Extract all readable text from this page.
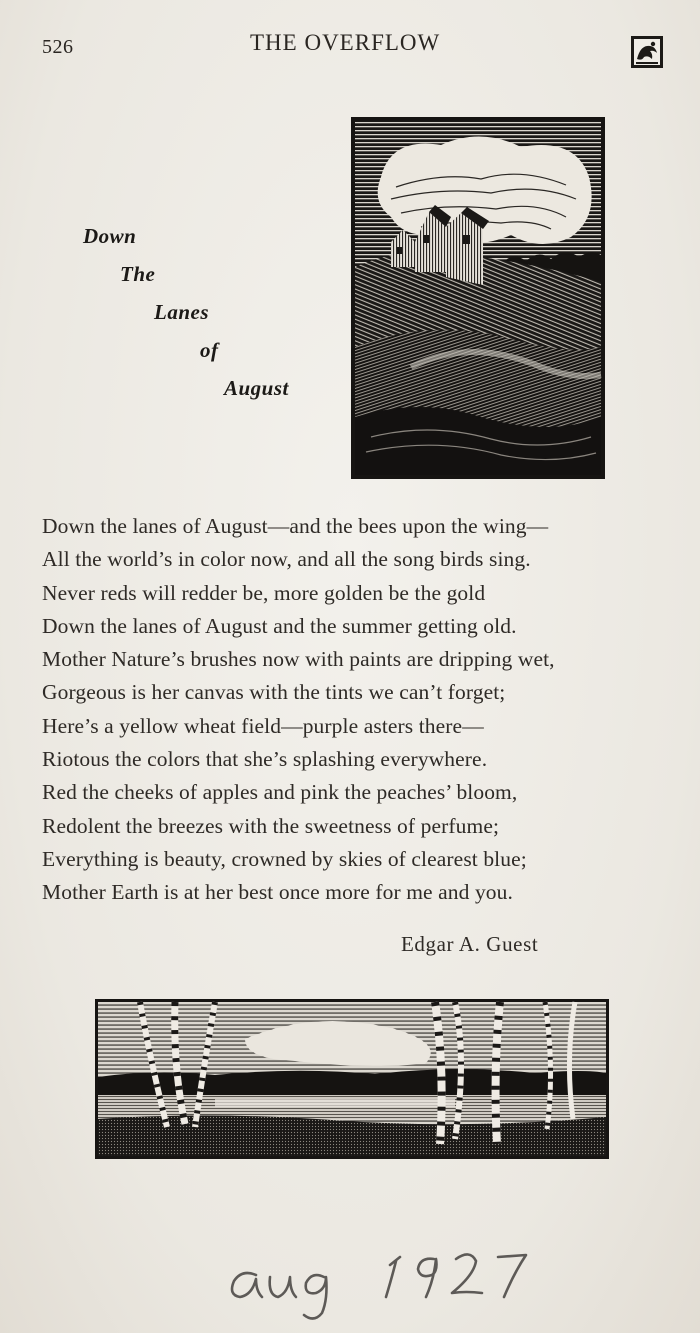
526	THE OVERFLOW
Down
The
Lanes
of
August
Down the lanes of August—and the bees upon the wing—
All the world’s in color now, and all the song birds sing.
Never reds will redder be, more golden be the gold
Down the lanes of August and the summer getting old.
Mother Nature’s brushes now with paints are dripping wet,
Gorgeous is her canvas with the tints we can’t forget;
Here’s a yellow wheat field—purple asters there—
Riotous the colors that she’s splashing everywhere.
Red the cheeks of apples and pink the peaches’ bloom,
Redolent the breezes with the sweetness of perfume;
Everything is beauty, crowned by skies of clearest blue;
Mother Earth is at her best once more for me and you.
Edgar A. Guest
